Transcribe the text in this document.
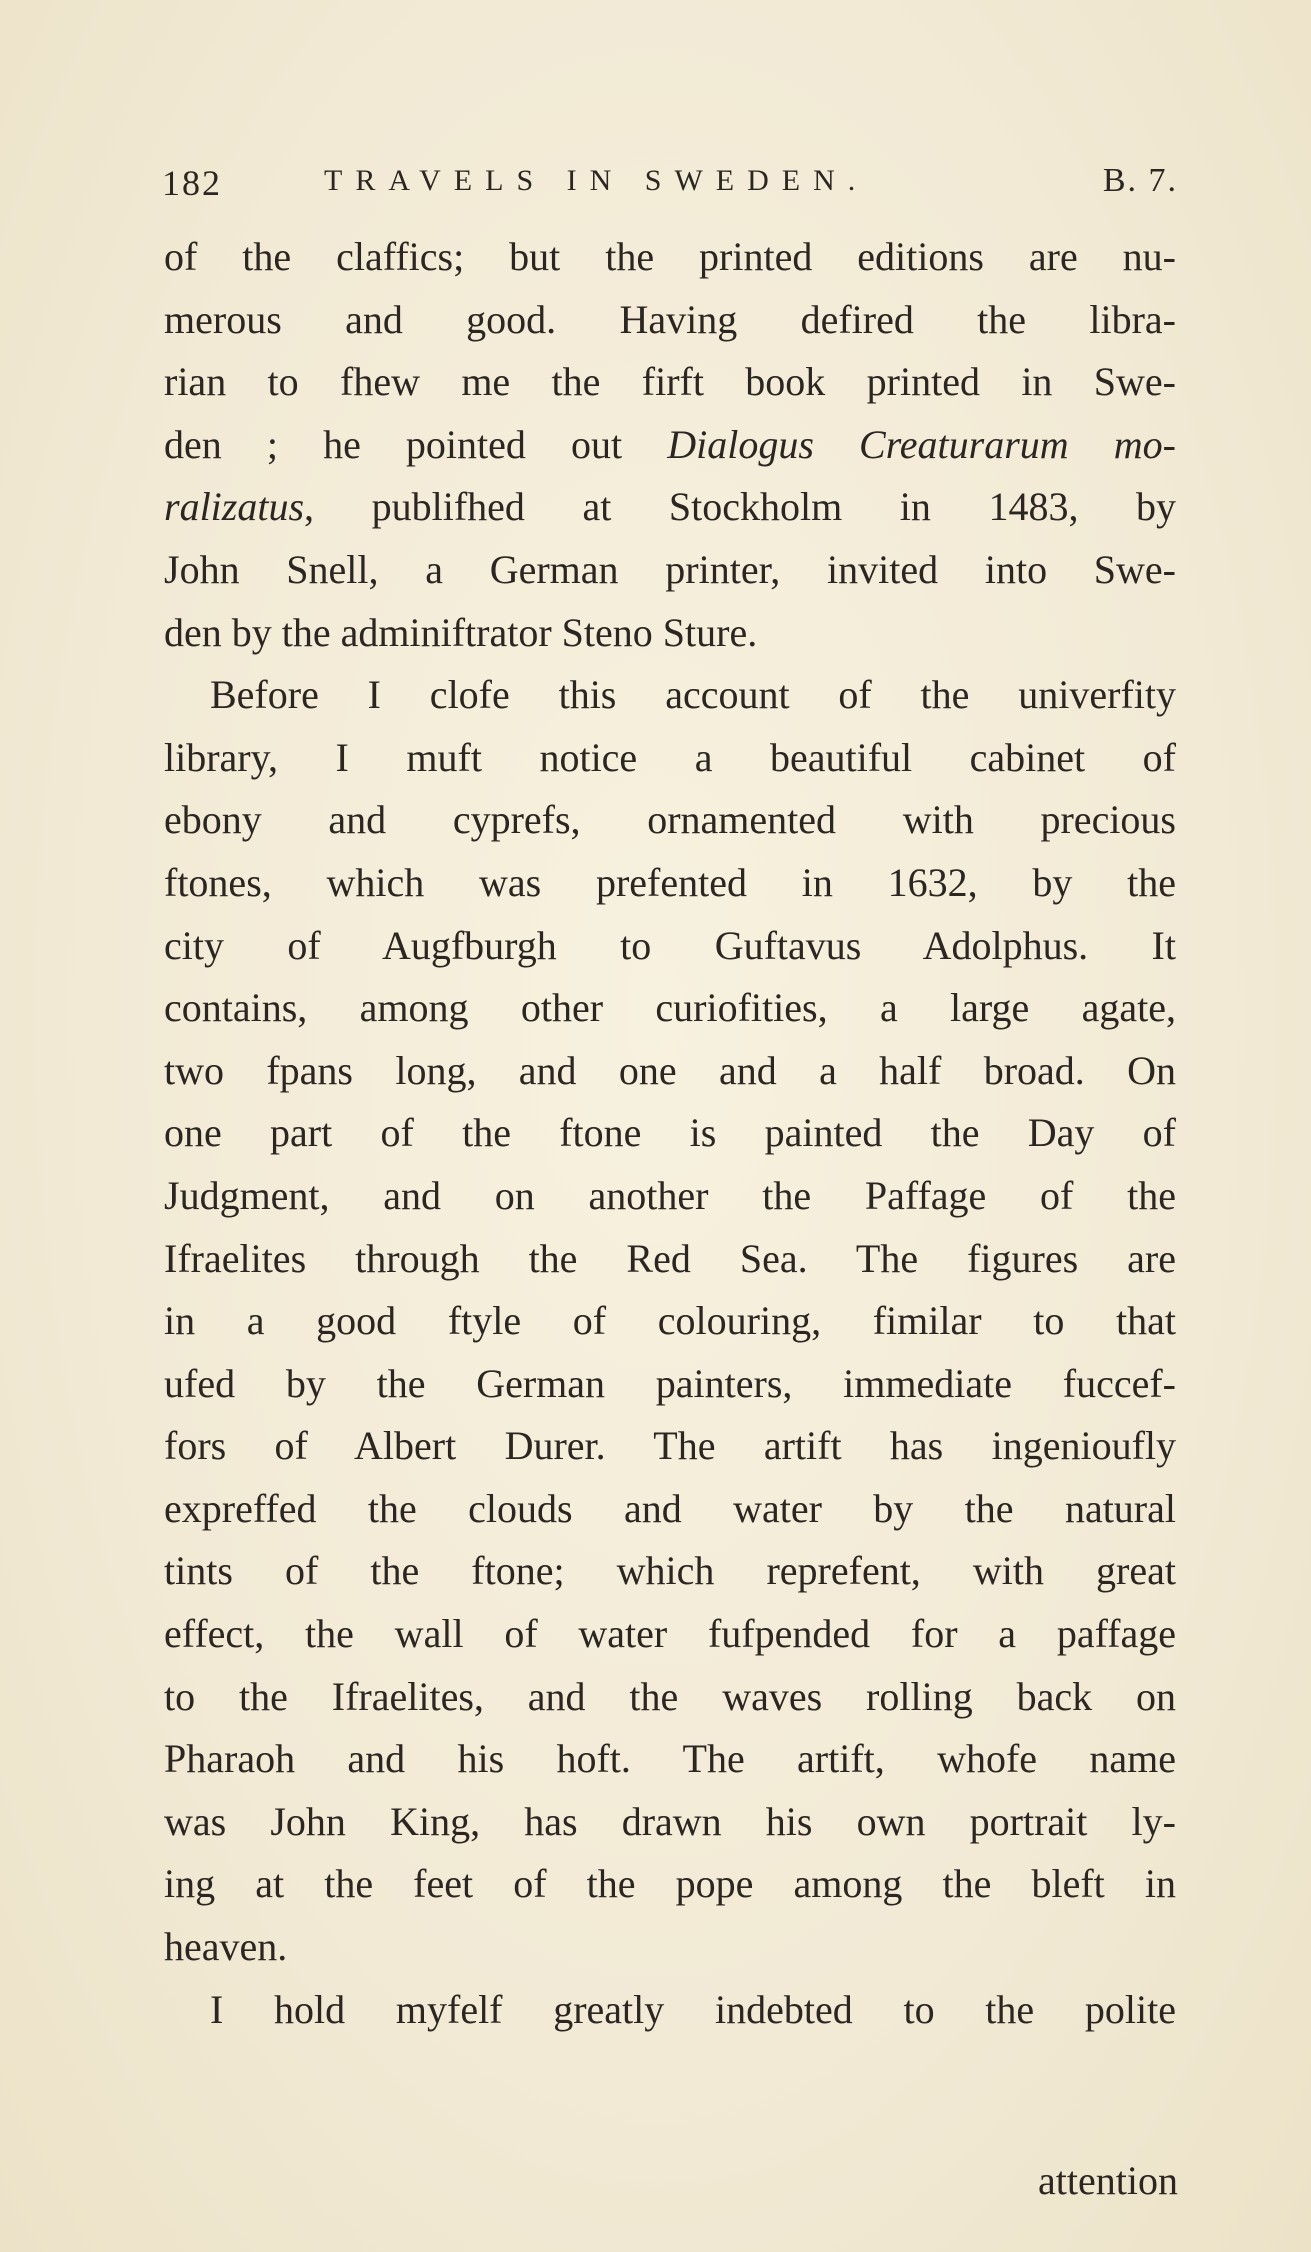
182	TRAVELS IN SWEDEN.	B. 7.
of the claffics; but the printed editions are nu-
merous and good. Having defired the libra-
rian to fhew me the firft book printed in Swe-
den ; he pointed out Dialogus Creaturarum mo-
ralizatus, publifhed at Stockholm in 1483, by
John Snell, a German printer, invited into Swe-
den by the adminiftrator Steno Sture.
Before I clofe this account of the univerfity
library, I muft notice a beautiful cabinet of
ebony and cyprefs, ornamented with precious
ftones, which was prefented in 1632, by the
city of Augfburgh to Guftavus Adolphus. It
contains, among other curiofities, a large agate,
two fpans long, and one and a half broad. On
one part of the ftone is painted the Day of
Judgment, and on another the Paffage of the
Ifraelites through the Red Sea. The figures are
in a good ftyle of colouring, fimilar to that
ufed by the German painters, immediate fuccef-
fors of Albert Durer. The artift has ingenioufly
expreffed the clouds and water by the natural
tints of the ftone; which reprefent, with great
effect, the wall of water fufpended for a paffage
to the Ifraelites, and the waves rolling back on
Pharaoh and his hoft. The artift, whofe name
was John King, has drawn his own portrait ly-
ing at the feet of the pope among the bleft in
heaven.
I hold myfelf greatly indebted to the polite
attention
